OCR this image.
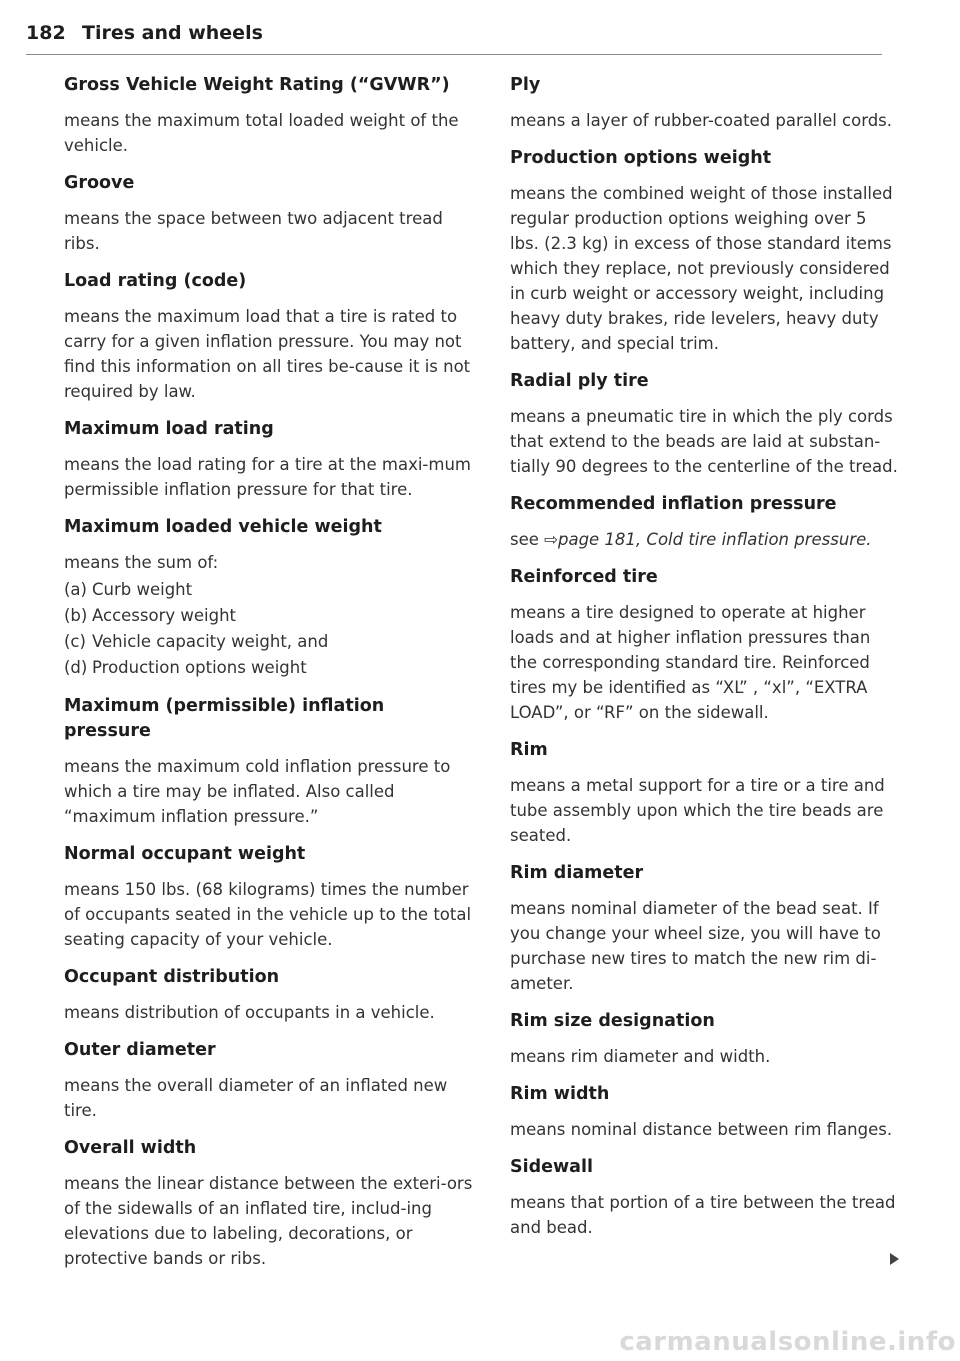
182 Tires and wheels

Gross Vehicle Weight Rating (“GVWR”)

means the maximum total loaded weight of the vehicle.

Groove

means the space between two adjacent tread ribs.

Load rating (code)

means the maximum load that a tire is rated to carry for a given inflation pressure. You may not find this information on all tires be-cause it is not required by law.

Maximum load rating

means the load rating for a tire at the maxi-mum permissible inflation pressure for that tire.

Maximum loaded vehicle weight

means the sum of:

(a) Curb weight
(b) Accessory weight
(c) Vehicle capacity weight, and
(d) Production options weight

Maximum (permissible) inflation pressure

means the maximum cold inflation pressure to which a tire may be inflated. Also called “maximum inflation pressure.”

Normal occupant weight

means 150 lbs. (68 kilograms) times the number of occupants seated in the vehicle up to the total seating capacity of your vehicle.

Occupant distribution

means distribution of occupants in a vehicle.

Outer diameter

means the overall diameter of an inflated new tire.

Overall width

means the linear distance between the exteri-ors of the sidewalls of an inflated tire, includ-ing elevations due to labeling, decorations, or protective bands or ribs.

Ply

means a layer of rubber-coated parallel cords.

Production options weight

means the combined weight of those installed regular production options weighing over 5 lbs. (2.3 kg) in excess of those standard items which they replace, not previously considered in curb weight or accessory weight, including heavy duty brakes, ride levelers, heavy duty battery, and special trim.

Radial ply tire

means a pneumatic tire in which the ply cords that extend to the beads are laid at substan-tially 90 degrees to the centerline of the tread.

Recommended inflation pressure

see ⇨page 181, Cold tire inflation pressure.

Reinforced tire

means a tire designed to operate at higher loads and at higher inflation pressures than the corresponding standard tire. Reinforced tires my be identified as “XL” , “xl”, “EXTRA LOAD”, or “RF” on the sidewall.

Rim

means a metal support for a tire or a tire and tube assembly upon which the tire beads are seated.

Rim diameter

means nominal diameter of the bead seat. If you change your wheel size, you will have to purchase new tires to match the new rim di-ameter.

Rim size designation

means rim diameter and width.

Rim width

means nominal distance between rim flanges.

Sidewall

means that portion of a tire between the tread and bead.

carmanualsonline.info
